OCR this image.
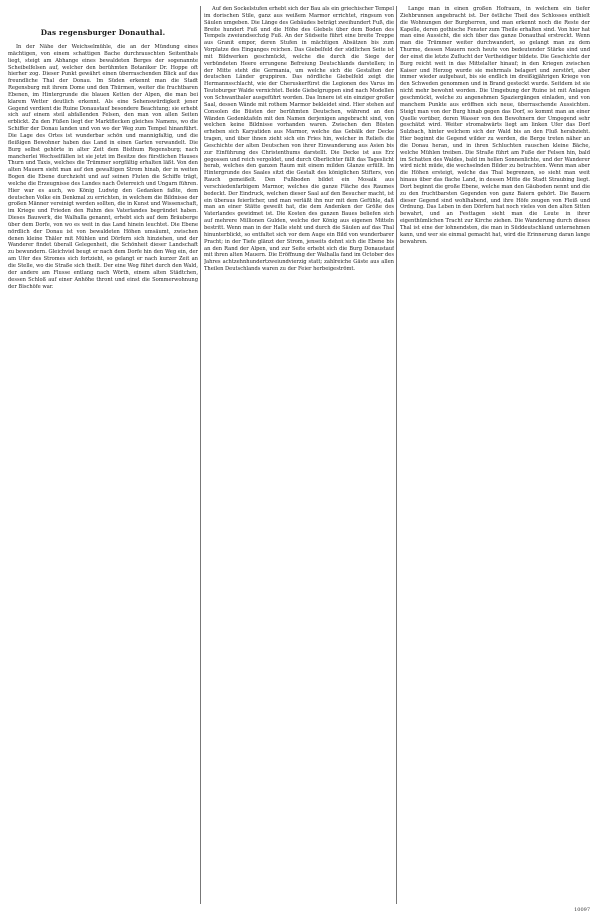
Das regensburger Donauthal.

In der Nähe der Weichselmühle, die an der Mündung eines mächtigen, von einem schattigen Bache durchrauschten Seitenthals liegt, steigt am Abhange eines bewaldeten Berges der sogenannte Scheibelfelsen auf, welcher den berühmten Botaniker Dr. Hoppe oft hierher zog. Dieser Punkt gewährt einen überraschenden Blick auf das freundliche Thal der Donau. Im Süden erkennt man die Stadt Regensburg mit ihrem Dome und den Thürmen, weiter die fruchtbaren Ebenen, im Hintergrunde die blauen Ketten der Alpen, die man bei klarem Wetter deutlich erkennt. Als eine Sehenswürdigkeit jener Gegend verdient die Ruine Donaustauf besondere Beachtung; sie erhebt sich auf einem steil abfallenden Felsen, den man von allen Seiten erblickt. Zu den Füßen liegt der Marktflecken gleiches Namens, wo die Schiffer der Donau landen und von wo der Weg zum Tempel hinanführt. Die Lage des Ortes ist wunderbar schön und mannigfaltig, und die fleißigen Bewohner haben das Land in einen Garten verwandelt. Die Burg selbst gehörte in alter Zeit dem Bisthum Regensburg; nach mancherlei Wechselfällen ist sie jetzt im Besitze des fürstlichen Hauses Thurn und Taxis, welches die Trümmer sorgfältig erhalten läßt. Von den alten Mauern sieht man auf den gewaltigen Strom hinab, der in weiten Bogen die Ebene durchzieht und auf seinen Fluten die Schiffe trägt, welche die Erzeugnisse des Landes nach Österreich und Ungarn führen. Hier war es auch, wo König Ludwig den Gedanken faßte, dem deutschen Volke ein Denkmal zu errichten, in welchem die Bildnisse der großen Männer vereinigt werden sollten, die in Kunst und Wissenschaft, im Kriege und Frieden den Ruhm des Vaterlandes begründet haben. Dieses Bauwerk, die Walhalla genannt, erhebt sich auf dem Bräuberge über dem Dorfe, von wo es weit in das Land hinein leuchtet. Die Ebene nördlich der Donau ist von bewaldeten Höhen umsäumt, zwischen denen kleine Thäler mit Mühlen und Dörfern sich hinziehen, und der Wanderer findet überall Gelegenheit, die Schönheit dieser Landschaft zu bewundern. Gleichviel beugt er nach dem Dorfe hin den Weg ein, der am Ufer des Stromes sich fortzieht, so gelangt er nach kurzer Zeit an die Stelle, wo die Straße sich theilt. Der eine Weg führt durch den Wald, der andere am Flusse entlang nach Wörth, einem alten Städtchen, dessen Schloß auf einer Anhöhe thront und einst die Sommerwohnung der Bischöfe war.

Auf den Sockelstufen erhebt sich der Bau als ein griechischer Tempel im dorischen Stile, ganz aus weißem Marmor errichtet, ringsum von Säulen umgeben. Die Länge des Gebäudes beträgt zweihundert Fuß, die Breite hundert Fuß und die Höhe des Giebels über dem Boden des Tempels zweiundsechzig Fuß. An der Südseite führt eine breite Treppe aus Granit empor, deren Stufen in mächtigen Absätzen bis zum Vorplatze des Einganges reichen. Das Giebelfeld der südlichen Seite ist mit Bildwerken geschmückt, welche die durch die Siege der verbündeten Heere errungene Befreiung Deutschlands darstellen; in der Mitte steht die Germania, um welche sich die Gestalten der deutschen Länder gruppiren. Das nördliche Giebelfeld zeigt die Hermannsschlacht, wie der Cheruskerfürst die Legionen des Varus im Teutoburger Walde vernichtet. Beide Giebelgruppen sind nach Modellen von Schwanthaler ausgeführt worden. Das Innere ist ein einziger großer Saal, dessen Wände mit rothem Marmor bekleidet sind. Hier stehen auf Consolen die Büsten der berühmten Deutschen, während an den Wänden Gedenktafeln mit den Namen derjenigen angebracht sind, von welchen keine Bildnisse vorhanden waren. Zwischen den Büsten erheben sich Karyatiden aus Marmor, welche das Gebälk der Decke tragen, und über ihnen zieht sich ein Fries hin, welcher in Reliefs die Geschichte der alten Deutschen von ihrer Einwanderung aus Asien bis zur Einführung des Christenthums darstellt. Die Decke ist aus Erz gegossen und reich vergoldet, und durch Oberlichter fällt das Tageslicht herab, welches den ganzen Raum mit einem milden Glanze erfüllt. Im Hintergrunde des Saales sitzt die Gestalt des königlichen Stifters, von Rauch gemeißelt. Den Fußboden bildet ein Mosaik aus verschiedenfarbigem Marmor, welches die ganze Fläche des Raumes bedeckt. Der Eindruck, welchen dieser Saal auf den Besucher macht, ist ein überaus feierlicher, und man verläßt ihn nur mit dem Gefühle, daß man an einer Stätte geweilt hat, die dem Andenken der Größe des Vaterlandes gewidmet ist. Die Kosten des ganzen Baues beliefen sich auf mehrere Millionen Gulden, welche der König aus eigenen Mitteln bestritt. Wenn man in der Halle steht und durch die Säulen auf das Thal hinunterblickt, so entfaltet sich vor dem Auge ein Bild von wunderbarer Pracht; in der Tiefe glänzt der Strom, jenseits dehnt sich die Ebene bis an den Rand der Alpen, und zur Seite erhebt sich die Burg Donaustauf mit ihren alten Mauern. Die Eröffnung der Walhalla fand im October des Jahres achtzehnhundertzweiundvierzig statt; zahlreiche Gäste aus allen Theilen Deutschlands waren zu der Feier herbeigeströmt.

Lange man in einen großen Hofraum, in welchem ein tiefer Ziehbrunnen angebracht ist. Der östliche Theil des Schlosses enthielt die Wohnungen der Burgherren, und man erkennt noch die Reste der Kapelle, deren gothische Fenster zum Theile erhalten sind. Von hier hat man eine Aussicht, die sich über das ganze Donauthal erstreckt. Wenn man die Trümmer weiter durchwandert, so gelangt man zu dem Thurme, dessen Mauern noch heute von bedeutender Stärke sind und der einst die letzte Zuflucht der Vertheidiger bildete. Die Geschichte der Burg reicht weit in das Mittelalter hinauf; in den Kriegen zwischen Kaiser und Herzog wurde sie mehrmals belagert und zerstört, aber immer wieder aufgebaut, bis sie endlich im dreißigjährigen Kriege von den Schweden genommen und in Brand gesteckt wurde. Seitdem ist sie nicht mehr bewohnt worden. Die Umgebung der Ruine ist mit Anlagen geschmückt, welche zu angenehmen Spaziergängen einladen, und von manchem Punkte aus eröffnen sich neue, überraschende Aussichten. Steigt man von der Burg hinab gegen das Dorf, so kommt man an einer Quelle vorüber, deren Wasser von den Bewohnern der Umgegend sehr geschätzt wird. Weiter stromabwärts liegt am linken Ufer das Dorf Sulzbach, hinter welchem sich der Wald bis an den Fluß herabzieht. Hier beginnt die Gegend wilder zu werden, die Berge treten näher an die Donau heran, und in ihren Schluchten rauschen kleine Bäche, welche Mühlen treiben. Die Straße führt am Fuße der Felsen hin, bald im Schatten des Waldes, bald im hellen Sonnenlichte, und der Wanderer wird nicht müde, die wechselnden Bilder zu betrachten. Wenn man aber die Höhen ersteigt, welche das Thal begrenzen, so sieht man weit hinaus über das flache Land, in dessen Mitte die Stadt Straubing liegt. Dort beginnt die große Ebene, welche man den Gäuboden nennt und die zu den fruchtbarsten Gegenden von ganz Baiern gehört. Die Bauern dieser Gegend sind wohlhabend, und ihre Höfe zeugen von Fleiß und Ordnung. Das Leben in den Dörfern hat noch vieles von den alten Sitten bewahrt, und an Festtagen sieht man die Leute in ihrer eigenthümlichen Tracht zur Kirche ziehen. Die Wanderung durch dieses Thal ist eine der lohnendsten, die man in Süddeutschland unternehmen kann, und wer sie einmal gemacht hat, wird die Erinnerung daran lange bewahren.

10097
